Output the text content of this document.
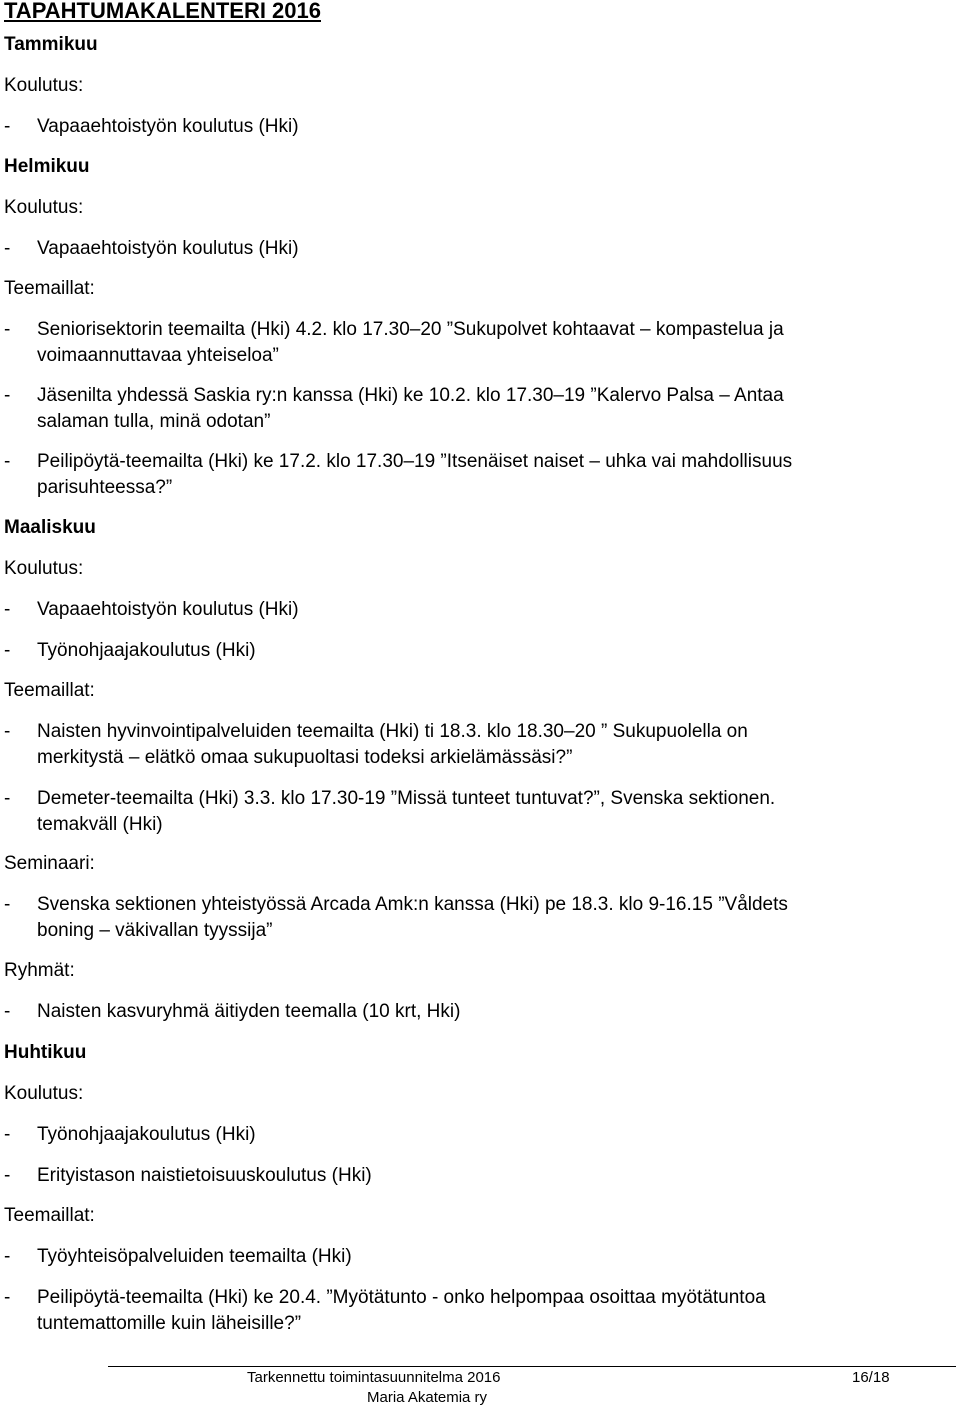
TAPAHTUMAKALENTERI 2016
Tammikuu
Koulutus:
- Vapaaehtoistyön koulutus (Hki)
Helmikuu
Koulutus:
- Vapaaehtoistyön koulutus (Hki)
Teemaillat:
- Seniorisektorin teemailta (Hki) 4.2. klo 17.30–20 ”Sukupolvet kohtaavat – kompastelua ja
voimaannuttavaa yhteiseloa”
- Jäsenilta yhdessä Saskia ry:n kanssa (Hki) ke 10.2. klo 17.30–19 ”Kalervo Palsa – Antaa
salaman tulla, minä odotan”
- Peilipöytä-teemailta (Hki) ke 17.2. klo 17.30–19 ”Itsenäiset naiset – uhka vai mahdollisuus
parisuhteessa?”
Maaliskuu
Koulutus:
- Vapaaehtoistyön koulutus (Hki)
- Työnohjaajakoulutus (Hki)
Teemaillat:
- Naisten hyvinvointipalveluiden teemailta (Hki) ti 18.3. klo 18.30–20 ” Sukupuolella on
merkitystä – elätkö omaa sukupuoltasi todeksi arkielämässäsi?”
- Demeter-teemailta (Hki) 3.3. klo 17.30-19 ”Missä tunteet tuntuvat?”, Svenska sektionen.
temakväll (Hki)
Seminaari:
- Svenska sektionen yhteistyössä Arcada Amk:n kanssa (Hki) pe 18.3. klo 9-16.15 ”Våldets
boning – väkivallan tyyssija”
Ryhmät:
- Naisten kasvuryhmä äitiyden teemalla (10 krt, Hki)
Huhtikuu
Koulutus:
- Työnohjaajakoulutus (Hki)
- Erityistason naistietoisuuskoulutus (Hki)
Teemaillat:
- Työyhteisöpalveluiden teemailta (Hki)
- Peilipöytä-teemailta (Hki) ke 20.4. ”Myötätunto - onko helpompaa osoittaa myötätuntoa
tuntemattomille kuin läheisille?”
Tarkennettu toimintasuunnitelma 2016	16/18
Maria Akatemia ry
